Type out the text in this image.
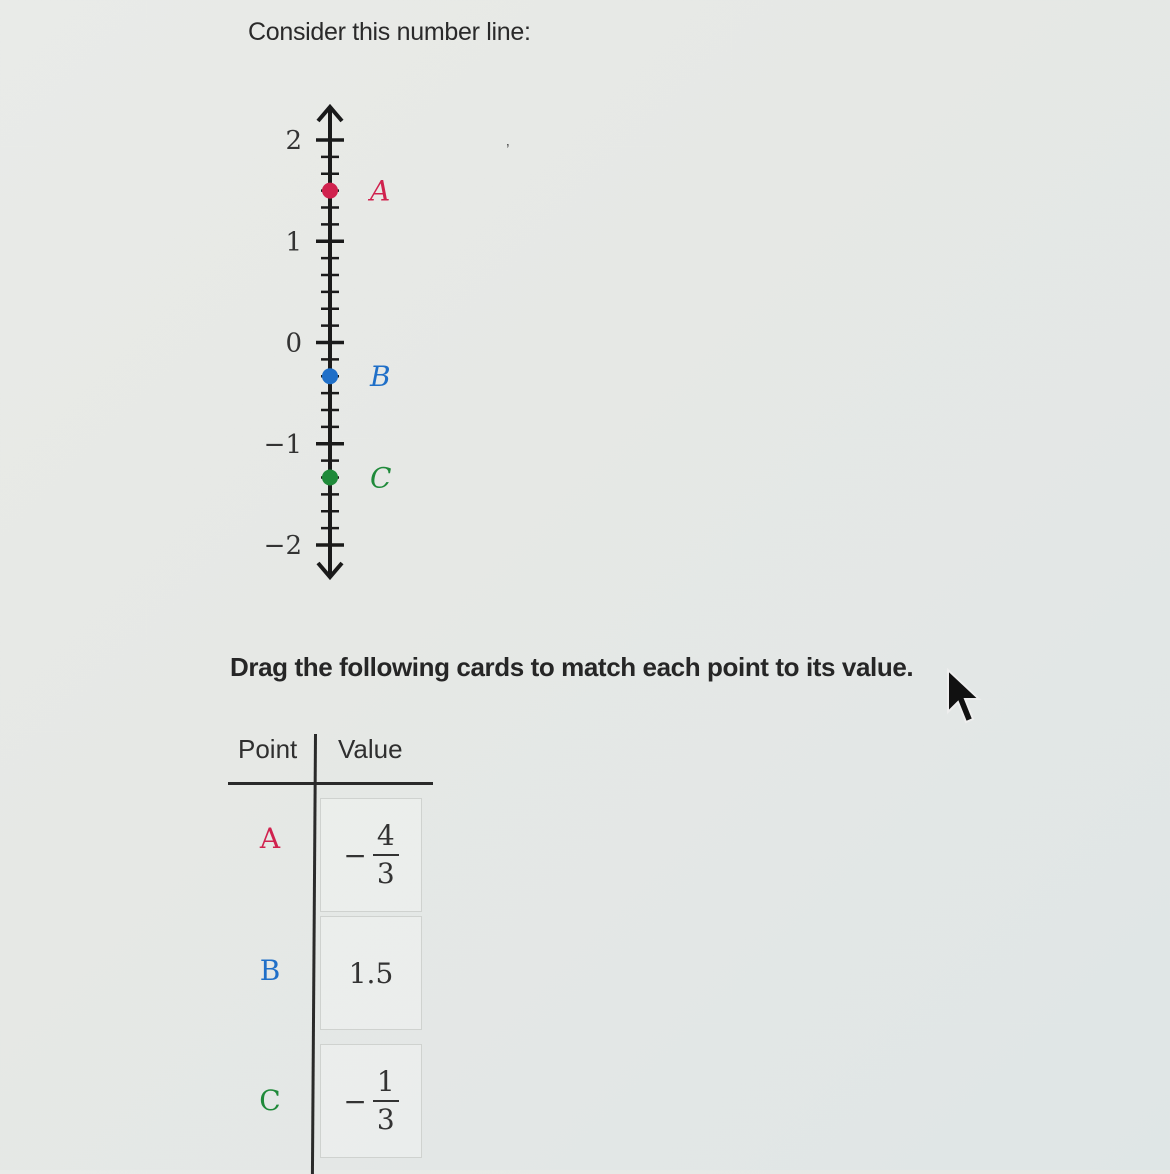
Consider this number line:
’
2
1
0
−1
−2
A
B
C
Drag the following cards to match each point to its value.
Point Value
A	− $\frac{4}{3}$
B	1.5
C	− $\frac{1}{3}$
